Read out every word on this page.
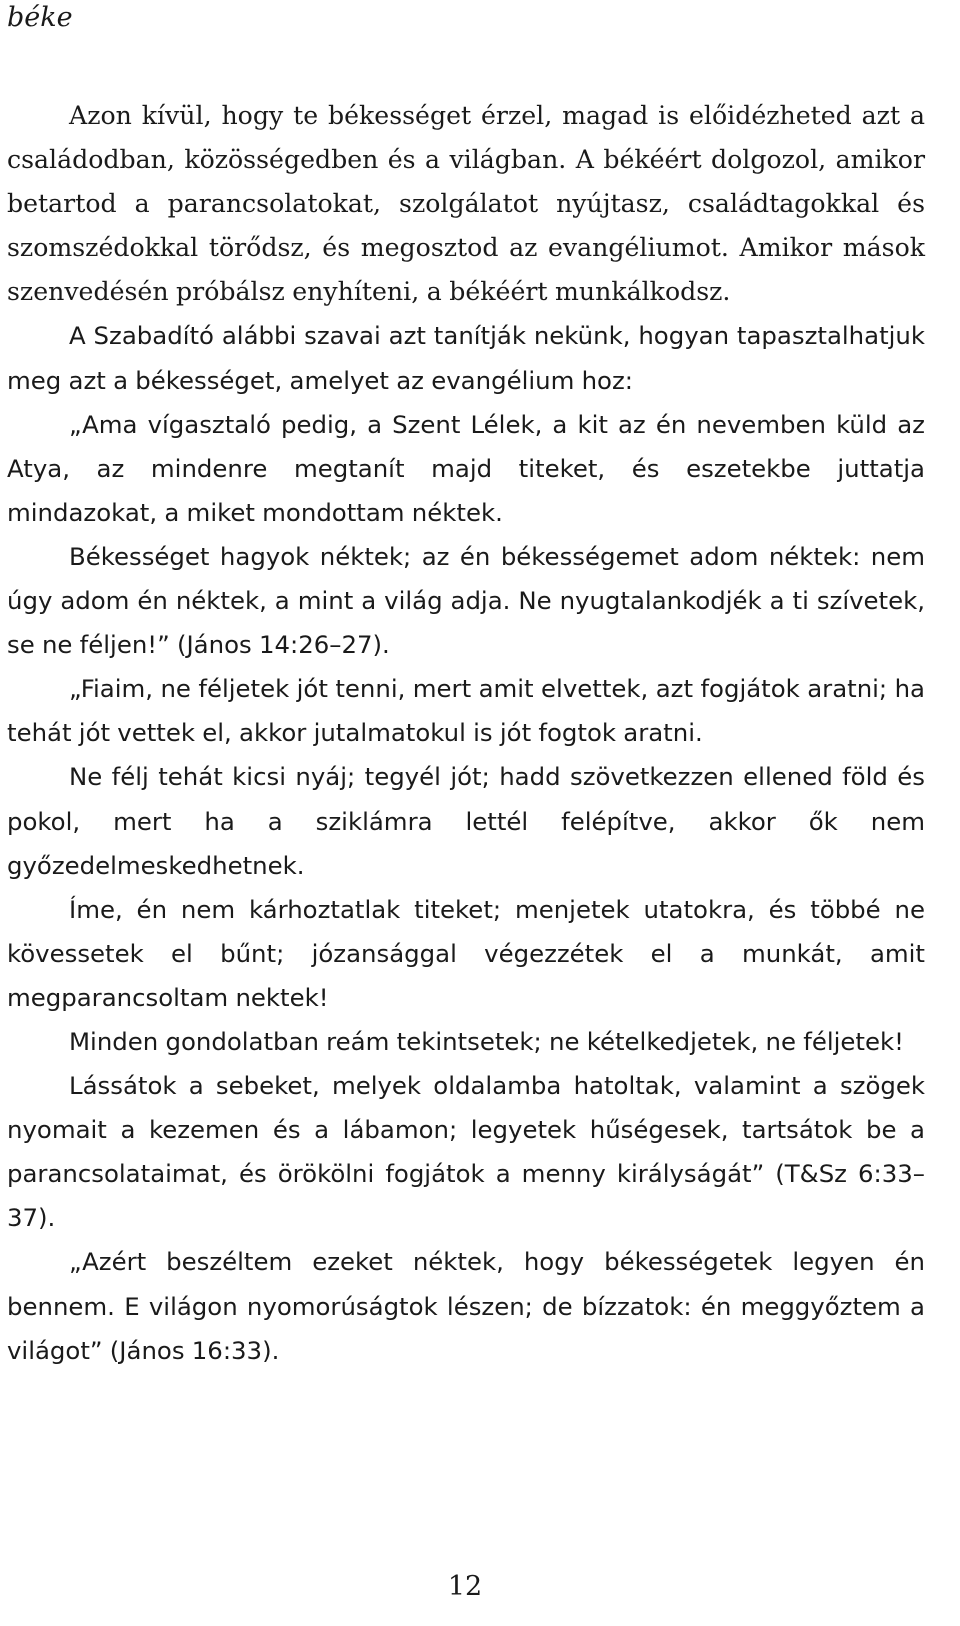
béke

Azon kívül, hogy te békességet érzel, magad is előidézheted azt a családodban, közösségedben és a világban. A békéért dolgozol, amikor betartod a parancsolatokat, szolgálatot nyújtasz, családtagokkal és szomszédokkal törődsz, és megosztod az evangéliumot. Amikor mások szenvedésén próbálsz enyhíteni, a békéért munkálkodsz.

A Szabadító alábbi szavai azt tanítják nekünk, hogyan tapasztalhatjuk meg azt a békességet, amelyet az evangélium hoz:

„Ama vígasztaló pedig, a Szent Lélek, a kit az én nevemben küld az Atya, az mindenre megtanít majd titeket, és eszetekbe juttatja mindazokat, a miket mondottam néktek.

Békességet hagyok néktek; az én békességemet adom néktek: nem úgy adom én néktek, a mint a világ adja. Ne nyugtalankodjék a ti szívetek, se ne féljen!” (János 14:26–27).

„Fiaim, ne féljetek jót tenni, mert amit elvettek, azt fogjátok aratni; ha tehát jót vettek el, akkor jutalmatokul is jót fogtok aratni.

Ne félj tehát kicsi nyáj; tegyél jót; hadd szövetkezzen ellened föld és pokol, mert ha a sziklámra lettél felépítve, akkor ők nem győzedelmeskedhetnek.

Íme, én nem kárhoztatlak titeket; menjetek utatokra, és többé ne kövessetek el bűnt; józansággal végezzétek el a munkát, amit megparancsoltam nektek!

Minden gondolatban reám tekintsetek; ne kételkedjetek, ne féljetek!

Lássátok a sebeket, melyek oldalamba hatoltak, valamint a szögek nyomait a kezemen és a lábamon; legyetek hűségesek, tartsátok be a parancsolataimat, és örökölni fogjátok a menny királyságát” (T&Sz 6:33–37).

„Azért beszéltem ezeket néktek, hogy békességetek legyen én bennem. E világon nyomorúságtok lészen; de bízzatok: én meggyőztem a világot” (János 16:33).

12
